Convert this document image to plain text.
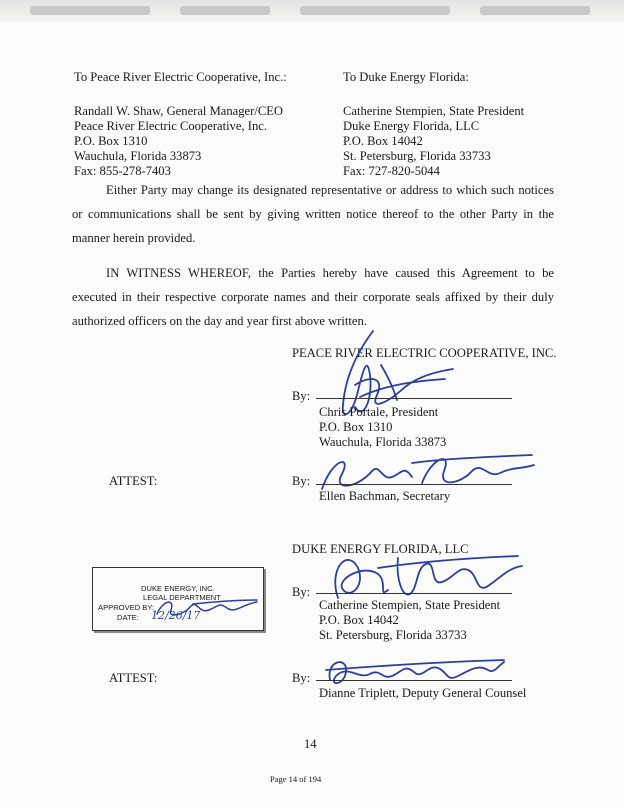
To Peace River Electric Cooperative, Inc.:
Randall W. Shaw, General Manager/CEO
Peace River Electric Cooperative, Inc.
P.O. Box 1310
Wauchula, Florida 33873
Fax: 855-278-7403
To Duke Energy Florida:
Catherine Stempien, State President
Duke Energy Florida, LLC
P.O. Box 14042
St. Petersburg, Florida 33733
Fax: 727-820-5044
Either Party may change its designated representative or address to which such notices or communications shall be sent by giving written notice thereof to the other Party in the manner herein provided.
IN WITNESS WHEREOF, the Parties hereby have caused this Agreement to be executed in their respective corporate names and their corporate seals affixed by their duly authorized officers on the day and year first above written.
PEACE RIVER ELECTRIC COOPERATIVE, INC.
By:
Chris Portale, President
P.O. Box 1310
Wauchula, Florida 33873
ATTEST:	By:
Ellen Bachman, Secretary
DUKE ENERGY FLORIDA, LLC
By:
Catherine Stempien, State President
P.O. Box 14042
St. Petersburg, Florida 33733
ATTEST:	By:
Dianne Triplett, Deputy General Counsel
DUKE ENERGY, INC.
LEGAL DEPARTMENT
APPROVED BY:
DATE: 12/26/17
14
Page 14 of 194
